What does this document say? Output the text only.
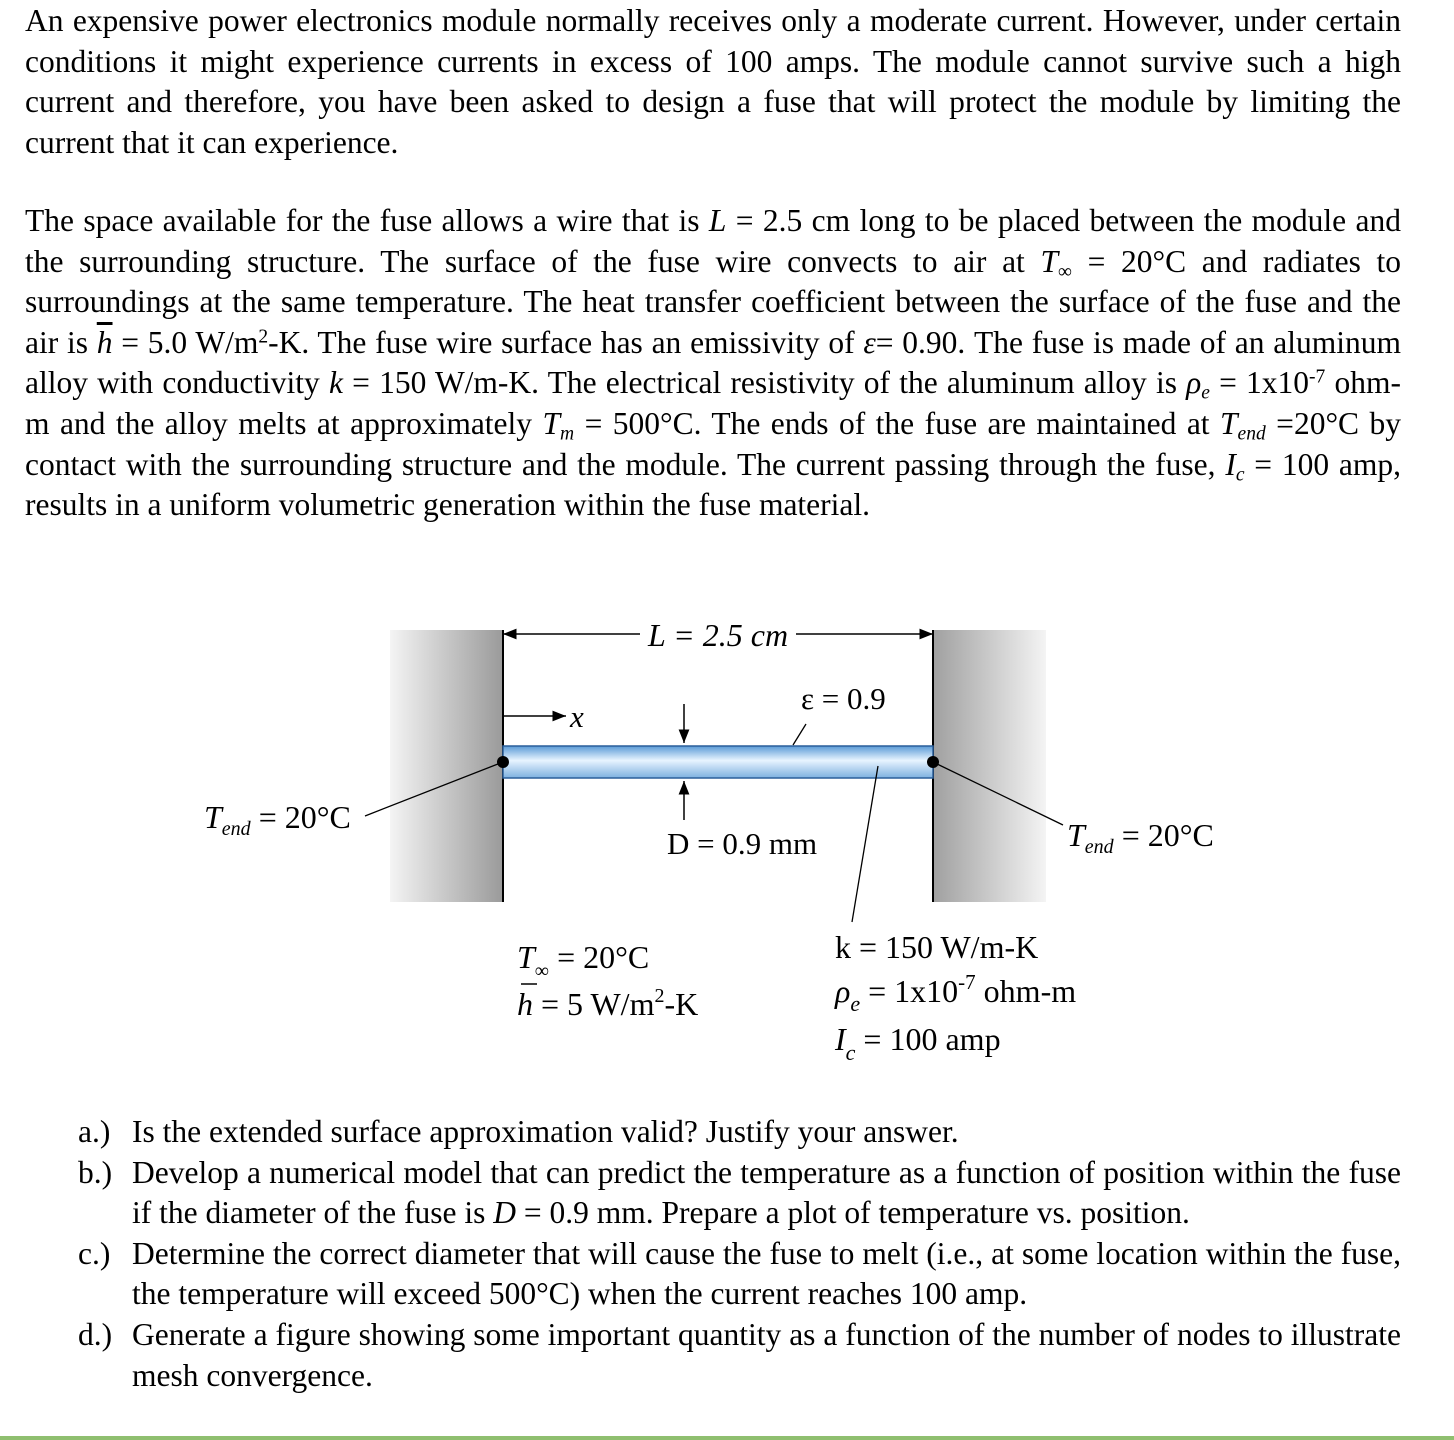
An expensive power electronics module normally receives only a moderate current. However, under certain conditions it might experience currents in excess of 100 amps. The module cannot survive such a high current and therefore, you have been asked to design a fuse that will protect the module by limiting the current that it can experience.
The space available for the fuse allows a wire that is L = 2.5 cm long to be placed between the module and the surrounding structure. The surface of the fuse wire convects to air at $T_\infty = 20^\circ C$ and radiates to surroundings at the same temperature. The heat transfer coefficient between the surface of the fuse and the air is $\overline{h} = 5.0$ $W/m^2-K$. The fuse wire surface has an emissivity of ε= 0.90. The fuse is made of an aluminum alloy with conductivity k = 150 W/m-K. The electrical resistivity of the aluminum alloy is $\rho_e = 1x10^{-7}$ ohm-m and the alloy melts at approximately $T_m = 500^\circ C$. The ends of the fuse are maintained at $T_{end} =20^\circ C$ by contact with the surrounding structure and the module. The current passing through the fuse, $I_c = 100$ amp, results in a uniform volumetric generation within the fuse material.
L = 2.5 cm
x
D = 0.9 mm
ε = 0.9
$T_{end} = 20^\circ C$	$T_{end} = 20^\circ C$
$T_\infty = 20^\circ C$
h = 5 $W/m^2-K$
k = 150 W/m-K
$\rho_e = 1x10^{-7}$ ohm-m
$I_c = 100$ amp
a.) Is the extended surface approximation valid? Justify your answer.
b.) Develop a numerical model that can predict the temperature as a function of position within the fuse if the diameter of the fuse is D = 0.9 mm. Prepare a plot of temperature vs. position.
c.) Determine the correct diameter that will cause the fuse to melt (i.e., at some location within the fuse, the temperature will exceed 500°C) when the current reaches 100 amp.
d.) Generate a figure showing some important quantity as a function of the number of nodes to illustrate mesh convergence.
